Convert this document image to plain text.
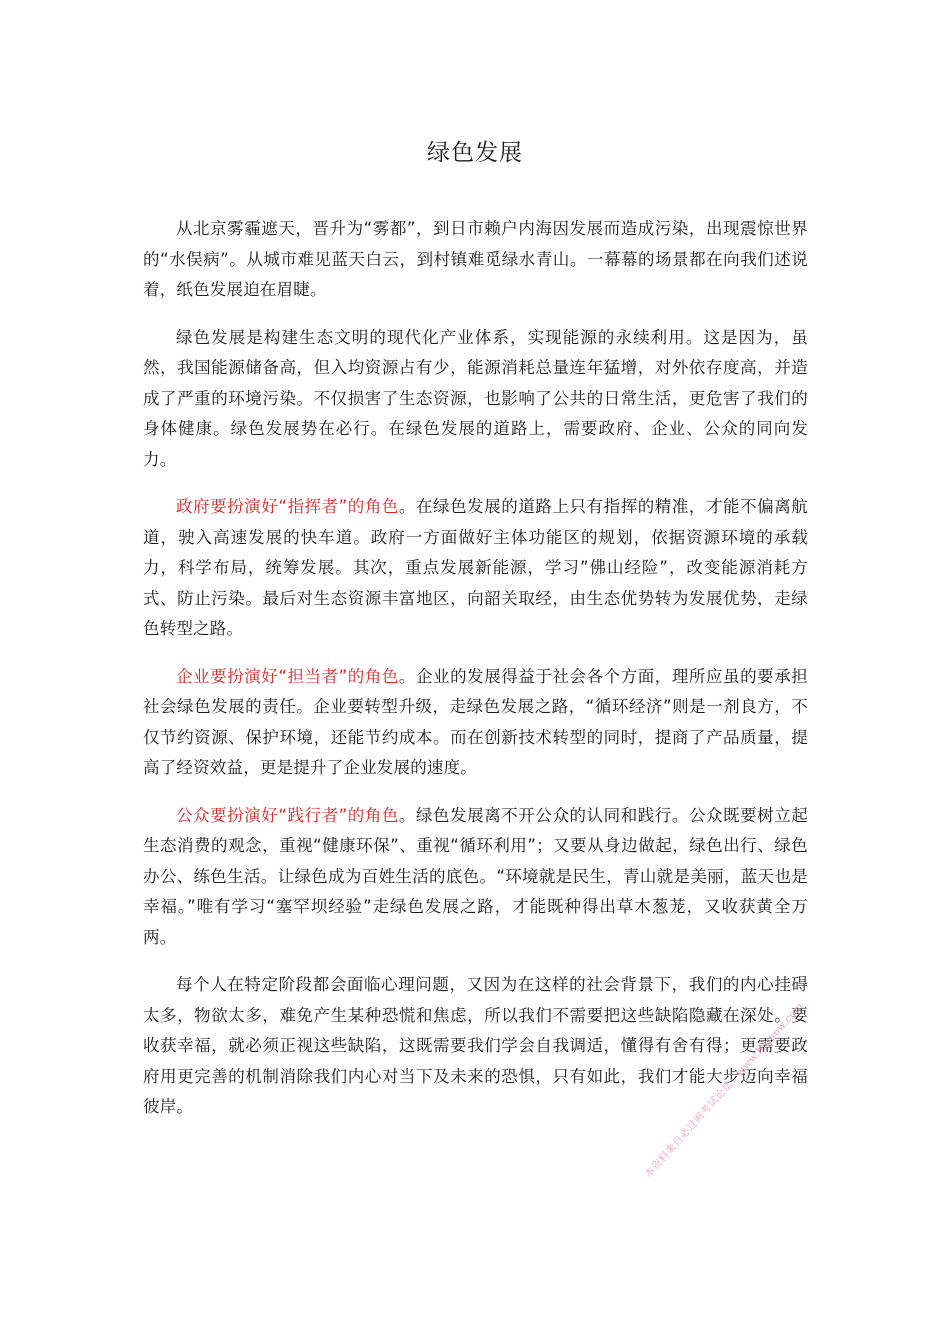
绿色发展

从北京雾霾遮天，晋升为“雾都”，到日市赖户内海因发展而造成污染，出现震惊世界的“水俣病”。从城市难见蓝天白云，到村镇难觅绿水青山。一幕幕的场景都在向我们述说着，纸色发展迫在眉睫。

绿色发展是构建生态文明的现代化产业体系，实现能源的永续利用。这是因为，虽然，我国能源储备高，但入均资源占有少，能源消耗总量连年猛增，对外依存度高，并造成了严重的环境污染。不仅损害了生态资源，也影响了公共的日常生活，更危害了我们的身体健康。绿色发展势在必行。在绿色发展的道路上，需要政府、企业、公众的同向发力。

政府要扮演好“指挥者”的角色。在绿色发展的道路上只有指挥的精准，才能不偏离航道，驶入高速发展的快车道。政府一方面做好主体功能区的规划，依据资源环境的承载力，科学布局，统筹发展。其次，重点发展新能源，学习”佛山经险”，改变能源消耗方式、防止污染。最后对生态资源丰富地区，向韶关取经，由生态优势转为发展优势，走绿色转型之路。

企业要扮演好“担当者”的角色。企业的发展得益于社会各个方面，理所应虽的要承担社会绿色发展的责任。企业要转型升级，走绿色发展之路，“循环经济”则是一剂良方，不仅节约资源、保护环境，还能节约成本。而在创新技术转型的同时，提商了产品质量，提高了经资效益，更是提升了企业发展的速度。

公众要扮演好“践行者”的角色。绿色发展离不开公众的认同和践行。公众既要树立起生态消费的观念，重视“健康环保”、重视“循环利用”；又要从身边做起，绿色出行、绿色办公、练色生活。让绿色成为百姓生活的底色。“环境就是民生，青山就是美丽，蓝天也是幸福。”唯有学习“塞罕坝经验”走绿色发展之路，才能既种得出草木葱茏，又收获黄全万两。

每个人在特定阶段都会面临心理问题，又因为在这样的社会背景下，我们的内心挂碍太多，物欲太多，难免产生某种恐慌和焦虑，所以我们不需要把这些缺陷隐藏在深处。要收获幸福，就必须正视这些缺陷，这既需要我们学会自我调适，懂得有舍有得；更需要政府用更完善的机制消除我们内心对当下及未来的恐惧，只有如此，我们才能大步迈向幸福彼岸。	本资料来自必过网考试论坛：www.biguow.com
